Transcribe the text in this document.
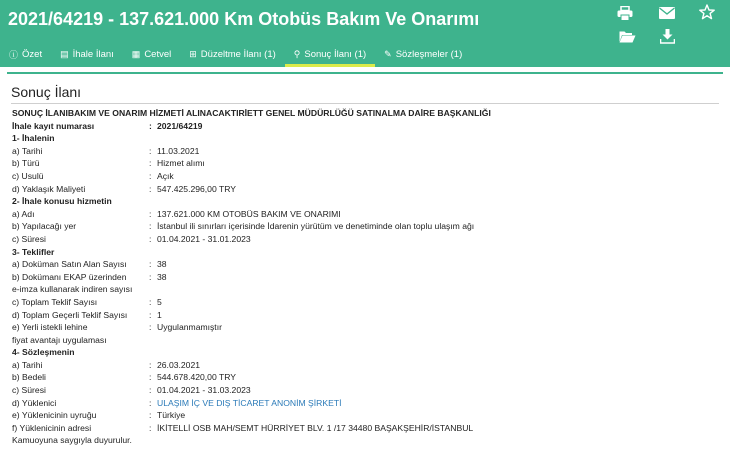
2021/64219 - 137.621.000 Km Otobüs Bakım Ve Onarımı
ⓘ Özet ▤ İhale İlanı ▦ Cetvel ⊞ Düzeltme İlanı (1) ⚲ Sonuç İlanı (1) ✎ Sözleşmeler (1)
Sonuç İlanı
SONUÇ İLANIBAKIM VE ONARIM HİZMETİ ALINACAKTIRİETT GENEL MÜDÜRLÜĞÜ SATINALMA DAİRE BAŞKANLIĞI
İhale kayıt numarası	: 2021/64219
1- İhalenin
a) Tarihi	: 11.03.2021
b) Türü	: Hizmet alımı
c) Usulü	: Açık
d) Yaklaşık Maliyeti	: 547.425.296,00 TRY
2- İhale konusu hizmetin
a) Adı	: 137.621.000 KM OTOBÜS BAKIM VE ONARIMI
b) Yapılacağı yer	: İstanbul ili sınırları içerisinde İdarenin yürütüm ve denetiminde olan toplu ulaşım ağı
c) Süresi	: 01.04.2021 - 31.01.2023
3- Teklifler
a) Doküman Satın Alan Sayısı	: 38
b) Dokümanı EKAP üzerinden	: 38
e-imza kullanarak indiren sayısı
c) Toplam Teklif Sayısı	: 5
d) Toplam Geçerli Teklif Sayısı	: 1
e) Yerli istekli lehine	: Uygulanmamıştır
fiyat avantajı uygulaması
4- Sözleşmenin
a) Tarihi	: 26.03.2021
b) Bedeli	: 544.678.420,00 TRY
c) Süresi	: 01.04.2021 - 31.03.2023
d) Yüklenici	: ULAŞIM İÇ VE DIŞ TİCARET ANONİM ŞİRKETİ
e) Yüklenicinin uyruğu	: Türkiye
f) Yüklenicinin adresi	: İKİTELLİ OSB MAH/SEMT HÜRRİYET BLV. 1 /17 34480 BAŞAKŞEHİR/İSTANBUL
Kamuoyuna saygıyla duyurulur.
